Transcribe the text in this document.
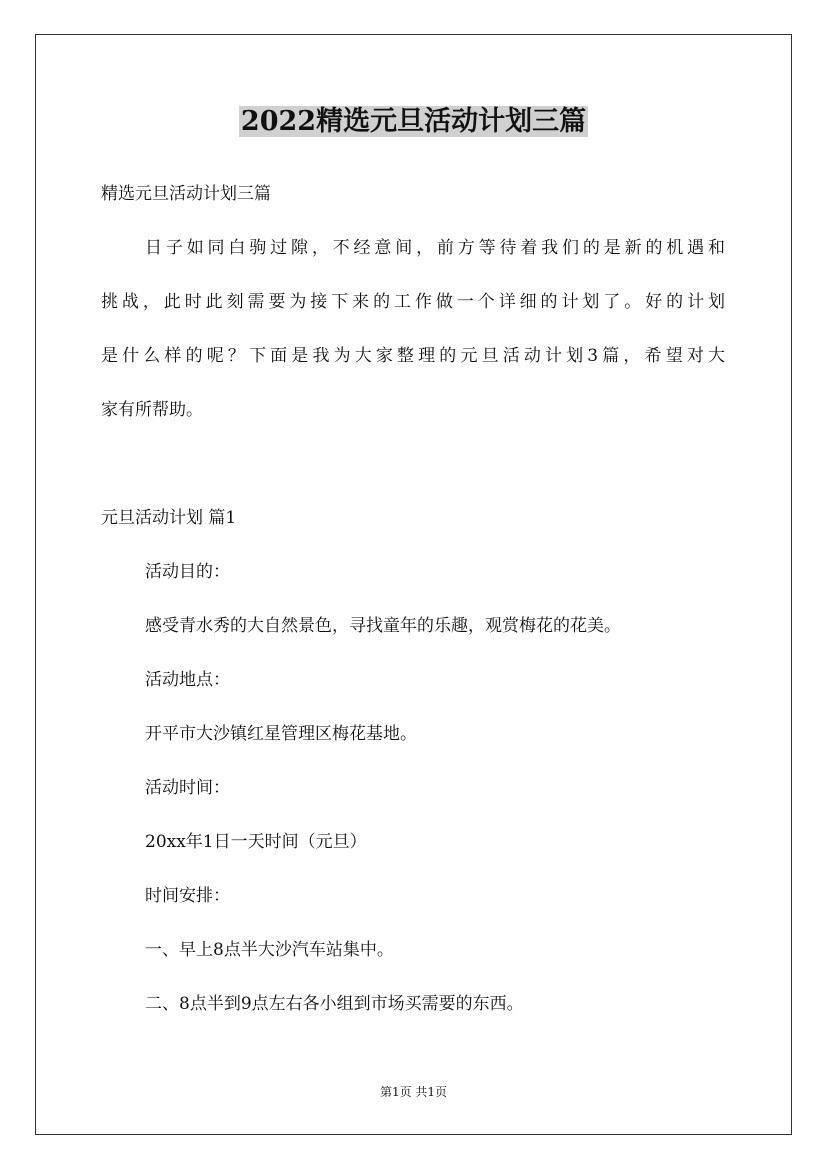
2022精选元旦活动计划三篇
精选元旦活动计划三篇
日子如同白驹过隙，不经意间，前方等待着我们的是新的机遇和
挑战，此时此刻需要为接下来的工作做一个详细的计划了。好的计划
是什么样的呢？下面是我为大家整理的元旦活动计划3篇，希望对大
家有所帮助。
元旦活动计划 篇1
活动目的：
感受青水秀的大自然景色，寻找童年的乐趣，观赏梅花的花美。
活动地点：
开平市大沙镇红星管理区梅花基地。
活动时间：
20xx年1日一天时间（元旦）
时间安排：
一、早上8点半大沙汽车站集中。
二、8点半到9点左右各小组到市场买需要的东西。
第1页 共1页
